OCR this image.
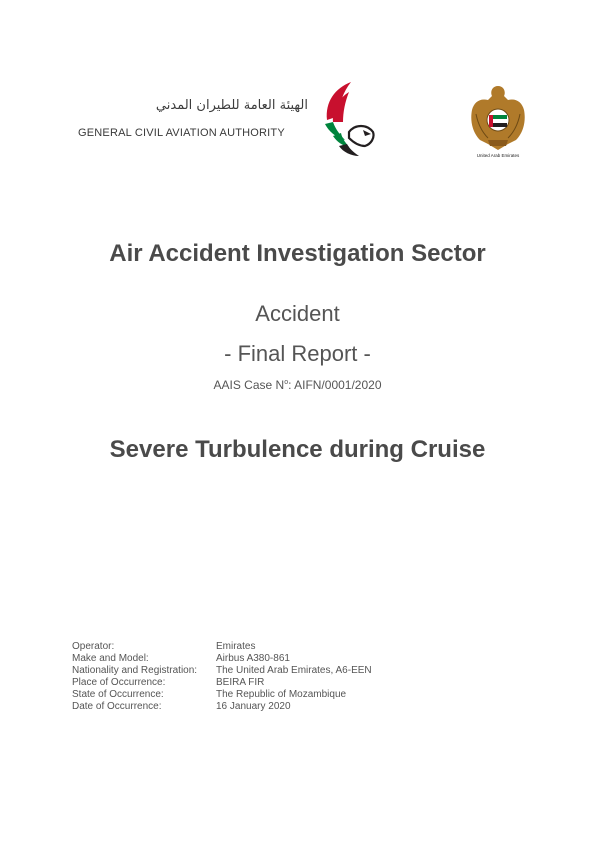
الهيئة العامة للطيران المدني
GENERAL CIVIL AVIATION AUTHORITY
United Arab Emirates
Air Accident Investigation Sector
Accident
- Final Report -
AAIS Case $N^o$: AIFN/0001/2020
Severe Turbulence during Cruise
Operator:	Emirates
Make and Model:	Airbus A380-861
Nationality and Registration:	The United Arab Emirates, A6-EEN
Place of Occurrence:	BEIRA FIR
State of Occurrence:	The Republic of Mozambique
Date of Occurrence:	16 January 2020
